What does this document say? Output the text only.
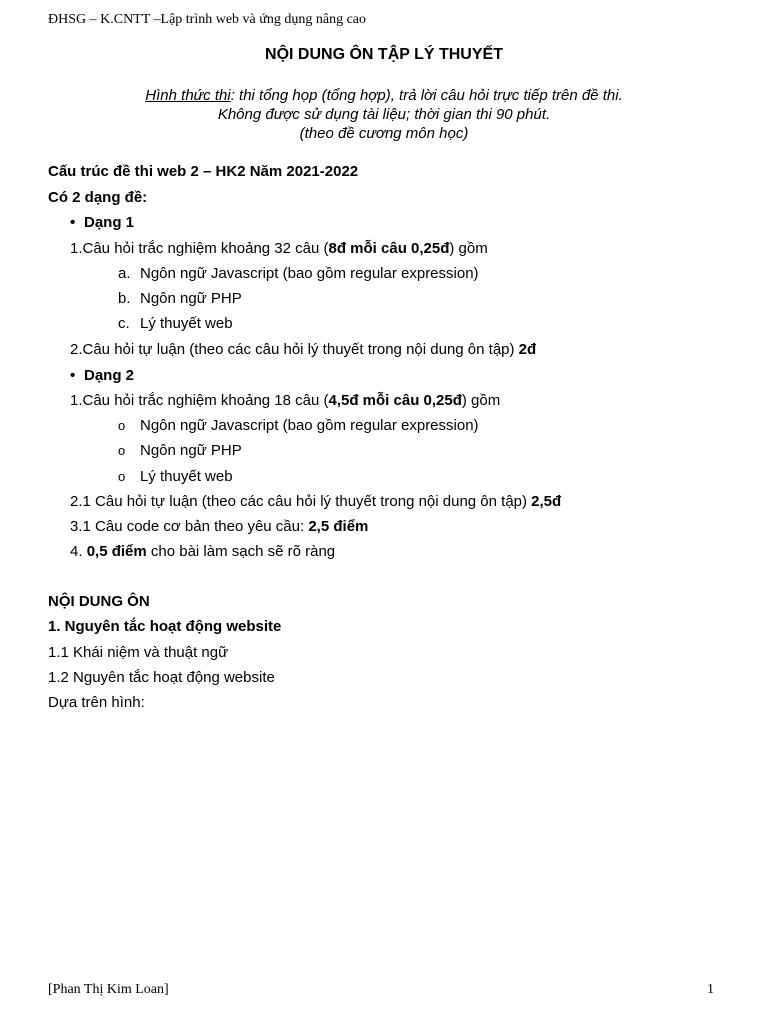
ĐHSG – K.CNTT –Lập trình web và ứng dụng nâng cao
NỘI DUNG ÔN TẬP LÝ THUYẾT
Hình thức thi: thi tổng họp (tổng hợp), trả lời câu hỏi trực tiếp trên đề thi.
Không được sử dụng tài liệu; thời gian thi 90 phút.
(theo đề cương môn học)
Cấu trúc đề thi web 2 – HK2 Năm 2021-2022
Có 2 dạng đề:
• Dạng 1
1.Câu hỏi trắc nghiệm khoảng 32 câu (8đ mỗi câu 0,25đ) gồm
a. Ngôn ngữ Javascript (bao gồm regular expression)
b. Ngôn ngữ PHP
c. Lý thuyết web
2.Câu hỏi tự luận (theo các câu hỏi lý thuyết trong nội dung ôn tập) 2đ
• Dạng 2
1.Câu hỏi trắc nghiệm khoảng 18 câu (4,5đ mỗi câu 0,25đ) gồm
o Ngôn ngữ Javascript (bao gồm regular expression)
o Ngôn ngữ PHP
o Lý thuyết web
2.1 Câu hỏi tự luận (theo các câu hỏi lý thuyết trong nội dung ôn tập) 2,5đ
3.1 Câu code cơ bản theo yêu cầu: 2,5 điểm
4. 0,5 điểm cho bài làm sạch sẽ rõ ràng
NỘI DUNG ÔN
1. Nguyên tắc hoạt động website
1.1 Khái niệm và thuật ngữ
1.2 Nguyên tắc hoạt động website
Dựa trên hình:
[Phan Thị Kim Loan]	1
